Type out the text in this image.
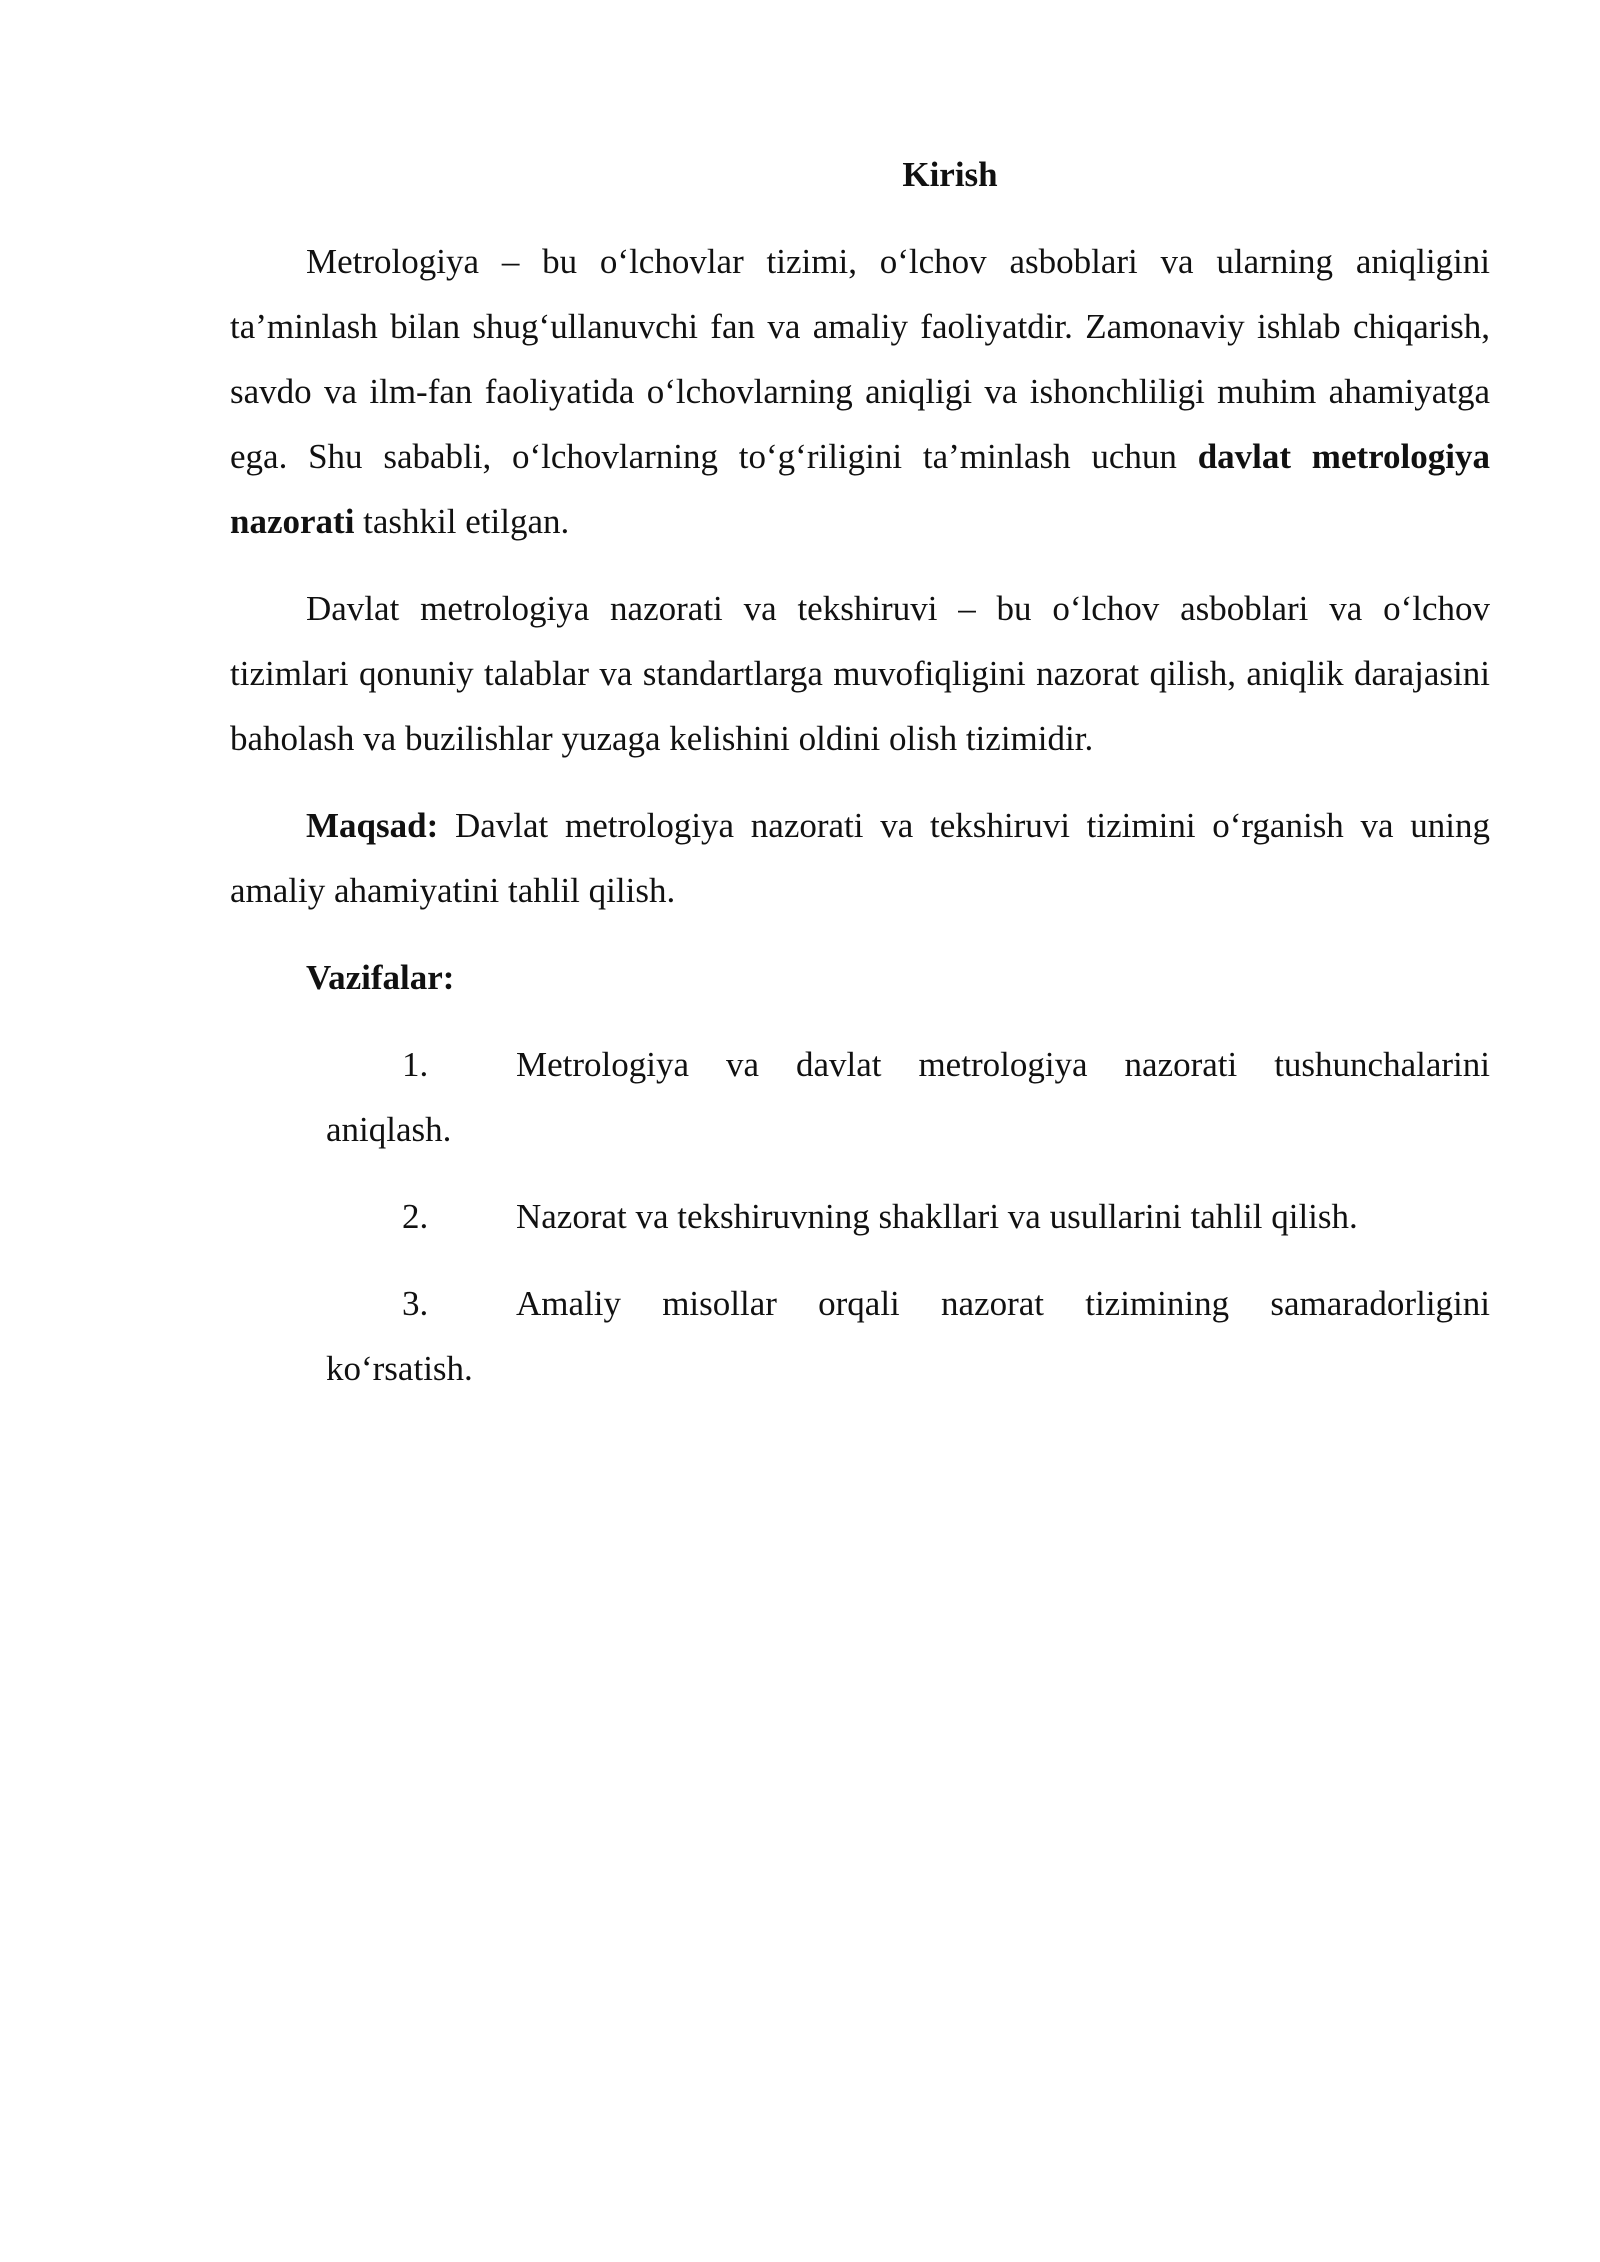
Kirish

Metrologiya – bu o‘lchovlar tizimi, o‘lchov asboblari va ularning aniqligini ta’minlash bilan shug‘ullanuvchi fan va amaliy faoliyatdir. Zamonaviy ishlab chiqarish, savdo va ilm-fan faoliyatida o‘lchovlarning aniqligi va ishonchliligi muhim ahamiyatga ega. Shu sababli, o‘lchovlarning to‘g‘riligini ta’minlash uchun davlat metrologiya nazorati tashkil etilgan.

Davlat metrologiya nazorati va tekshiruvi – bu o‘lchov asboblari va o‘lchov tizimlari qonuniy talablar va standartlarga muvofiqligini nazorat qilish, aniqlik darajasini baholash va buzilishlar yuzaga kelishini oldini olish tizimidir.

Maqsad: Davlat metrologiya nazorati va tekshiruvi tizimini o‘rganish va uning amaliy ahamiyatini tahlil qilish.

Vazifalar:
1.	Metrologiya va davlat metrologiya nazorati tushunchalarini
aniqlash.
2.	Nazorat va tekshiruvning shakllari va usullarini tahlil qilish.
3.	Amaliy misollar orqali nazorat tizimining samaradorligini
ko‘rsatish.
